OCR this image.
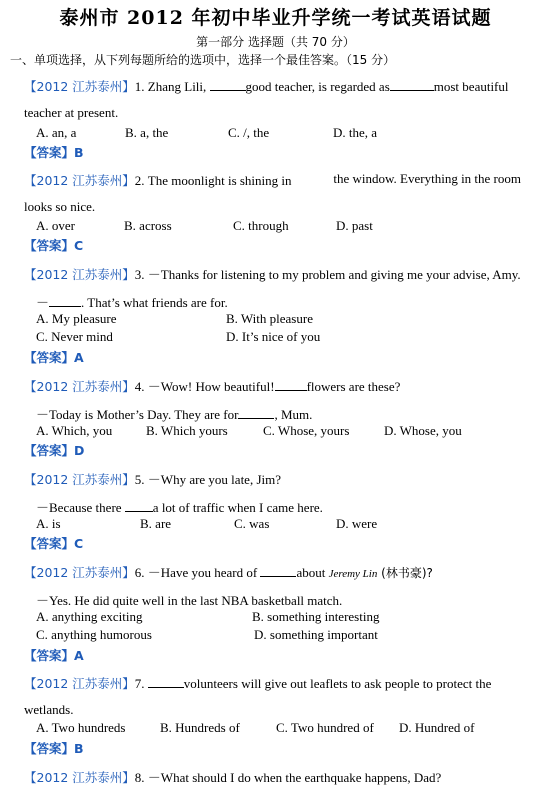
泰州市 2012 年初中毕业升学统一考试英语试题
第一部分 选择题（共 70 分）
一、单项选择，从下列每题所给的选项中，选择一个最佳答案。（15 分）
【2012 江苏泰州】1. Zhang Lili,	good teacher, is regarded as	most beautiful
teacher at present.
A. an, a	B. a, the	C. /, the	D. the, a
【答案】B
【2012 江苏泰州】2. The moonlight is shining in	the window. Everything in the room
looks so nice.
A. over	B. across	C. through	D. past
【答案】C
【2012 江苏泰州】3. －Thanks for listening to my problem and giving me your advise, Amy.
－ . That’s what friends are for.
A. My pleasure	B. With pleasure
C. Never mind	D. It’s nice of you
【答案】A
【2012 江苏泰州】4. －Wow! How beautiful! flowers are these?
－Today is Mother’s Day. They are for	, Mum.
A. Which, you	B. Which yours	C. Whose, yours	D. Whose, you
【答案】D
【2012 江苏泰州】5. －Why are you late, Jim?
－Because there a lot of traffic when I came here.
A. is	B. are	C. was	D. were
【答案】C
【2012 江苏泰州】6. －Have you heard of	about Jeremy Lin (林书豪)?
－Yes. He did quite well in the last NBA basketball match.
A. anything exciting	B. something interesting
C. anything humorous	D. something important
【答案】A
【2012 江苏泰州】7.	volunteers will give out leaflets to ask people to protect the
wetlands.
A. Two hundreds	B. Hundreds of	C. Two hundred of D. Hundred of
【答案】B
【2012 江苏泰州】8. －What should I do when the earthquake happens, Dad?
